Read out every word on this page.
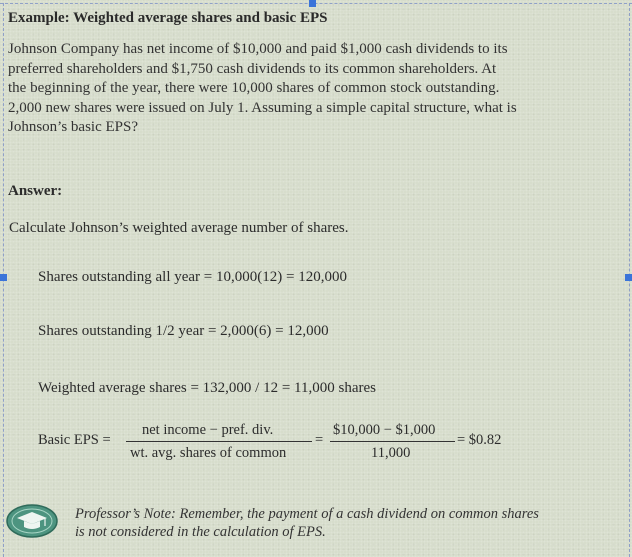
Example: Weighted average shares and basic EPS

Johnson Company has net income of $10,000 and paid $1,000 cash dividends to its
preferred shareholders and $1,750 cash dividends to its common shareholders. At
the beginning of the year, there were 10,000 shares of common stock outstanding.
2,000 new shares were issued on July 1. Assuming a simple capital structure, what is
Johnson’s basic EPS?

Answer:

Calculate Johnson’s weighted average number of shares.

Shares outstanding all year = 10,000(12) = 120,000

Shares outstanding 1/2 year = 2,000(6) = 12,000

Weighted average shares = 132,000 / 12 = 11,000 shares

Basic EPS =

net income − pref. div.

wt. avg. shares of common

=

$10,000 − $1,000

11,000

= $0.82

Professor’s Note: Remember, the payment of a cash dividend on common shares
is not considered in the calculation of EPS.
